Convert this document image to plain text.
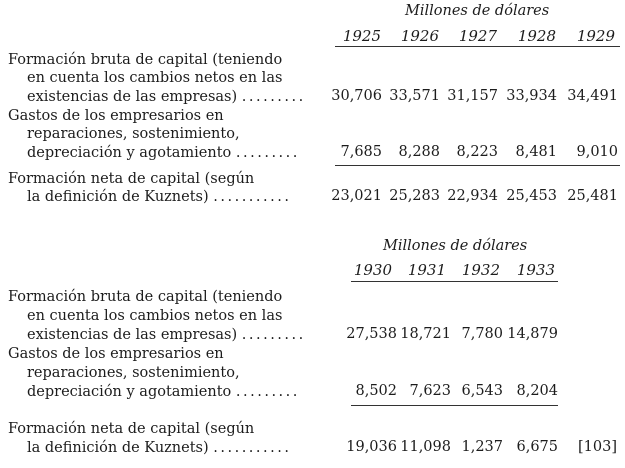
Millones de dólares
1925	1926	1927	1928	1929
Formación bruta de capital (teniendo
en cuenta los cambios netos en las
existencias de las empresas) .........	30,706 33,571 31,157 33,934 34,491
Gastos de los empresarios en
reparaciones, sostenimiento,
depreciación y agotamiento .........	7,685	8,288	8,223	8,481	9,010
Formación neta de capital (según
la definición de Kuznets) ...........	23,021 25,283 22,934 25,453 25,481
Millones de dólares
1930	1931	1932	1933
Formación bruta de capital (teniendo
en cuenta los cambios netos en las
existencias de las empresas) .........	27,538 18,721 7,780 14,879
Gastos de los empresarios en
reparaciones, sostenimiento,
depreciación y agotamiento .........	8,502 7,623 6,543 8,204
Formación neta de capital (según
la definición de Kuznets) ...........	19,036 11,098 1,237 6,675 [103]
